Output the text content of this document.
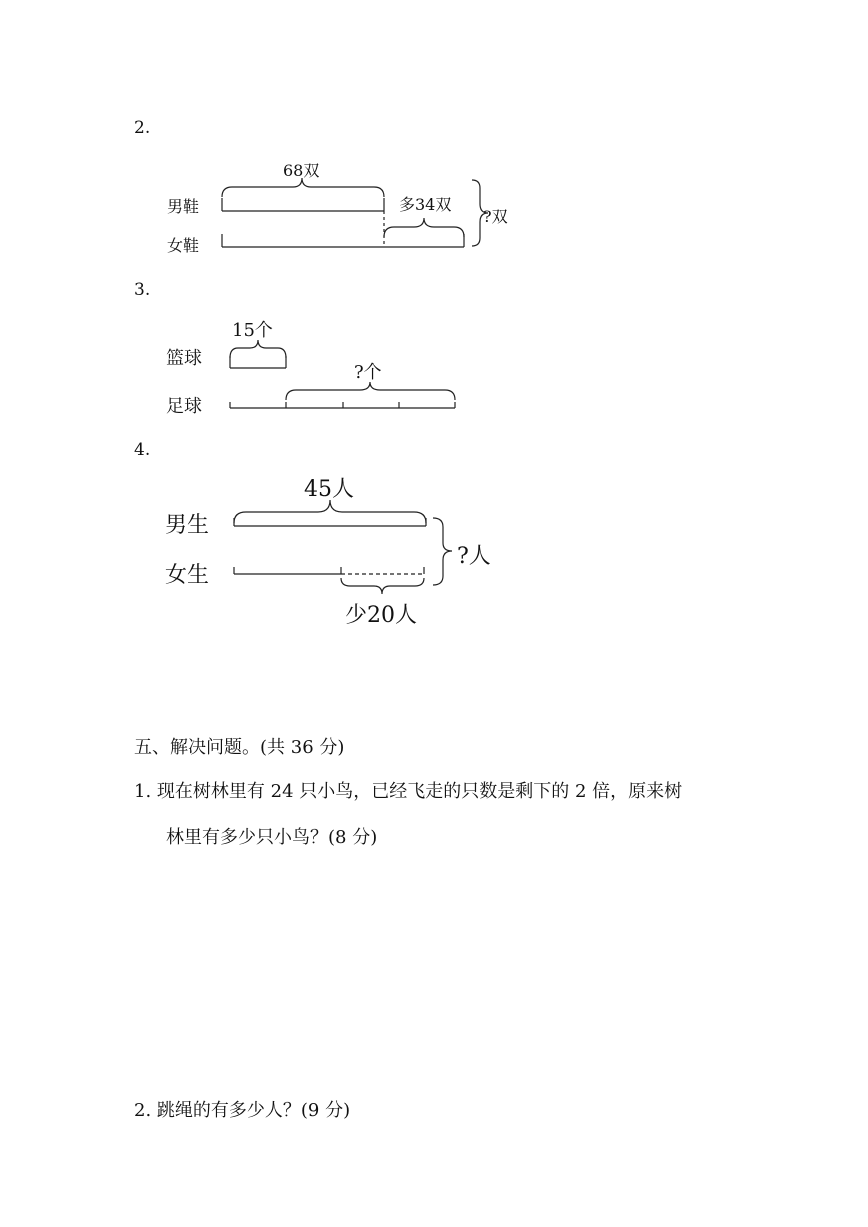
2.
68双
男鞋	多34双
?双
女鞋
3.
15个
篮球
?个
足球
4.
45人
男生
?人
女生
少20人
五、解决问题。(共 36 分)
1. 现在树林里有 24 只小鸟，已经飞走的只数是剩下的 2 倍，原来树
林里有多少只小鸟？(8 分)
2. 跳绳的有多少人？(9 分)
